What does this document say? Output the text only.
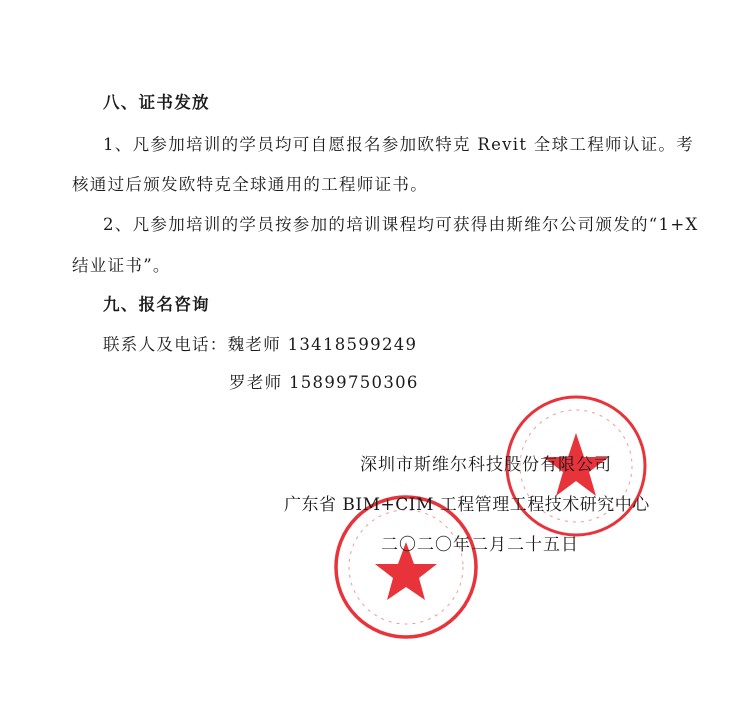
八、证书发放
1、凡参加培训的学员均可自愿报名参加欧特克 Revit 全球工程师认证。考
核通过后颁发欧特克全球通用的工程师证书。
2、凡参加培训的学员按参加的培训课程均可获得由斯维尔公司颁发的“1+X
结业证书”。
九、报名咨询
联系人及电话：魏老师 13418599249
罗老师 15899750306
深圳市斯维尔科技股份有限公司
广东省 BIM+CIM 工程管理工程技术研究中心
二〇二〇年二月二十五日
